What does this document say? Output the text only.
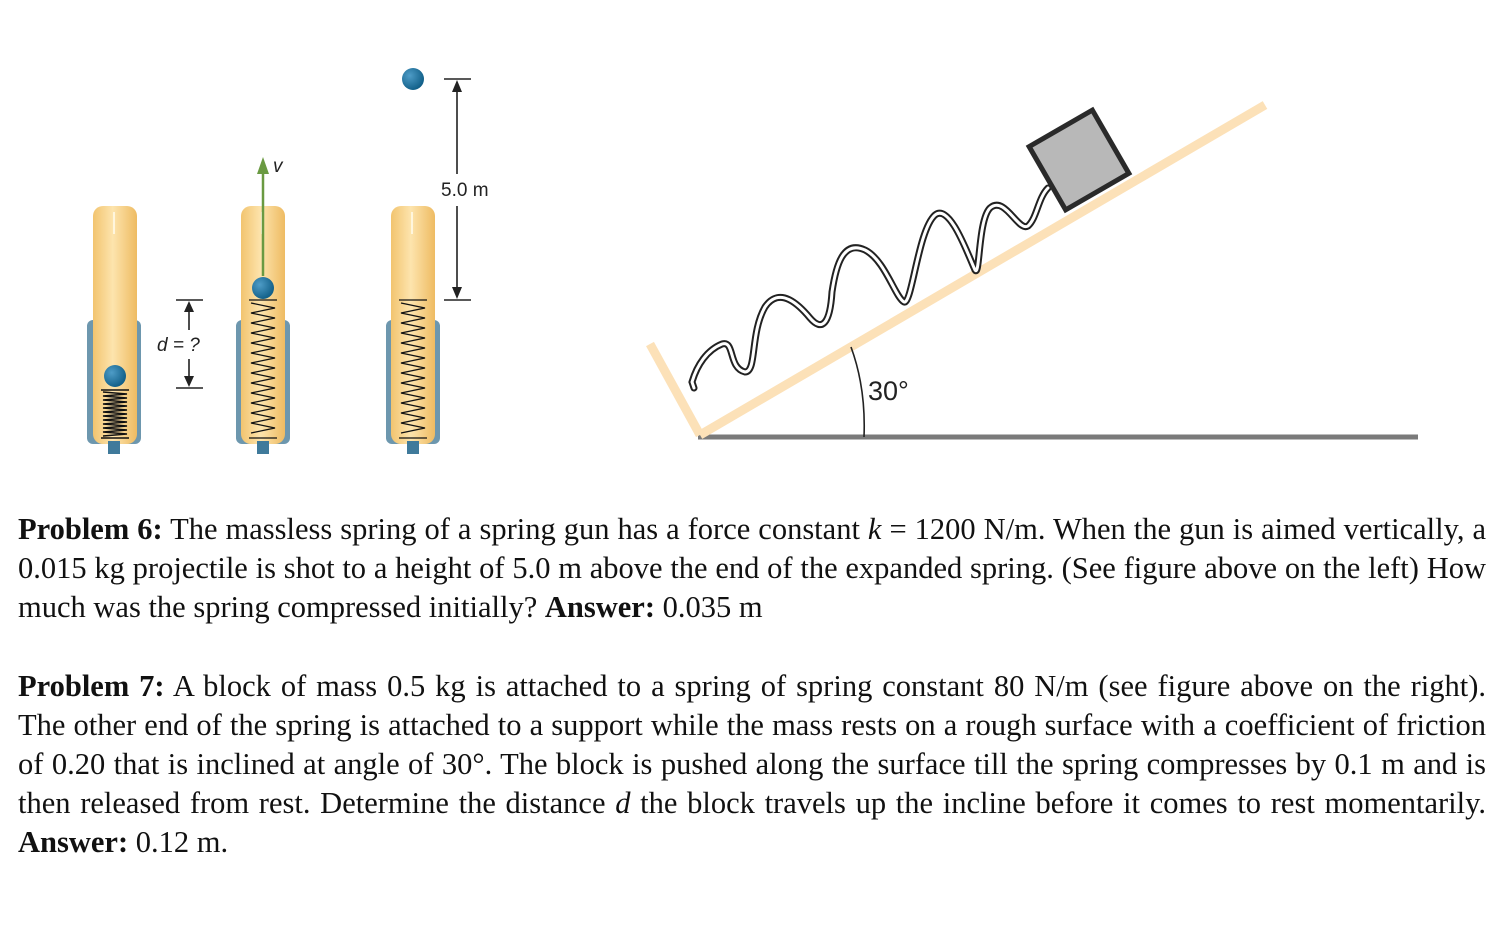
d = ?
v
5.0 m
30°

Problem 6: The massless spring of a spring gun has a force constant k = 1200 N/m. When the gun is aimed vertically, a 0.015 kg projectile is shot to a height of 5.0 m above the end of the expanded spring. (See figure above on the left) How much was the spring compressed initially? Answer: 0.035 m

Problem 7: A block of mass 0.5 kg is attached to a spring of spring constant 80 N/m (see figure above on the right). The other end of the spring is attached to a support while the mass rests on a rough surface with a coefficient of friction of 0.20 that is inclined at angle of 30°. The block is pushed along the surface till the spring compresses by 0.1 m and is then released from rest. Determine the distance d the block travels up the incline before it comes to rest momentarily. Answer: 0.12 m.
